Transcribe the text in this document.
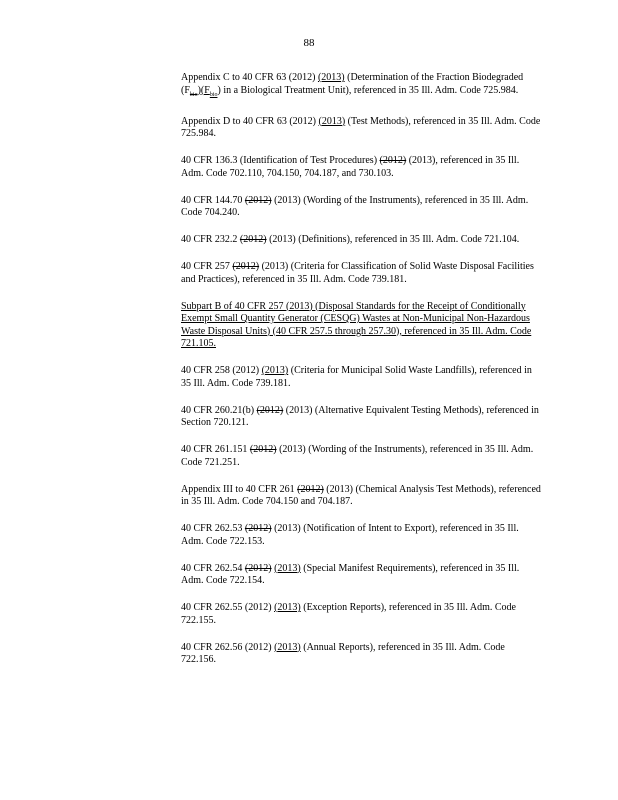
88

Appendix C to 40 CFR 63 (2012) (2013) (Determination of the Fraction Biodegraded $(F_{bio})(F_{bio})$ in a Biological Treatment Unit), referenced in 35 Ill. Adm. Code 725.984.

Appendix D to 40 CFR 63 (2012) (2013) (Test Methods), referenced in 35 Ill. Adm. Code 725.984.

40 CFR 136.3 (Identification of Test Procedures) (2012) (2013), referenced in 35 Ill. Adm. Code 702.110, 704.150, 704.187, and 730.103.

40 CFR 144.70 (2012) (2013) (Wording of the Instruments), referenced in 35 Ill. Adm. Code 704.240.

40 CFR 232.2 (2012) (2013) (Definitions), referenced in 35 Ill. Adm. Code 721.104.

40 CFR 257 (2012) (2013) (Criteria for Classification of Solid Waste Disposal Facilities and Practices), referenced in 35 Ill. Adm. Code 739.181.

Subpart B of 40 CFR 257 (2013) (Disposal Standards for the Receipt of Conditionally Exempt Small Quantity Generator (CESQG) Wastes at Non-Municipal Non-Hazardous Waste Disposal Units) (40 CFR 257.5 through 257.30), referenced in 35 Ill. Adm. Code 721.105.

40 CFR 258 (2012) (2013) (Criteria for Municipal Solid Waste Landfills), referenced in 35 Ill. Adm. Code 739.181.

40 CFR 260.21(b) (2012) (2013) (Alternative Equivalent Testing Methods), referenced in Section 720.121.

40 CFR 261.151 (2012) (2013) (Wording of the Instruments), referenced in 35 Ill. Adm. Code 721.251.

Appendix III to 40 CFR 261 (2012) (2013) (Chemical Analysis Test Methods), referenced in 35 Ill. Adm. Code 704.150 and 704.187.

40 CFR 262.53 (2012) (2013) (Notification of Intent to Export), referenced in 35 Ill. Adm. Code 722.153.

40 CFR 262.54 (2012) (2013) (Special Manifest Requirements), referenced in 35 Ill. Adm. Code 722.154.

40 CFR 262.55 (2012) (2013) (Exception Reports), referenced in 35 Ill. Adm. Code 722.155.

40 CFR 262.56 (2012) (2013) (Annual Reports), referenced in 35 Ill. Adm. Code 722.156.
